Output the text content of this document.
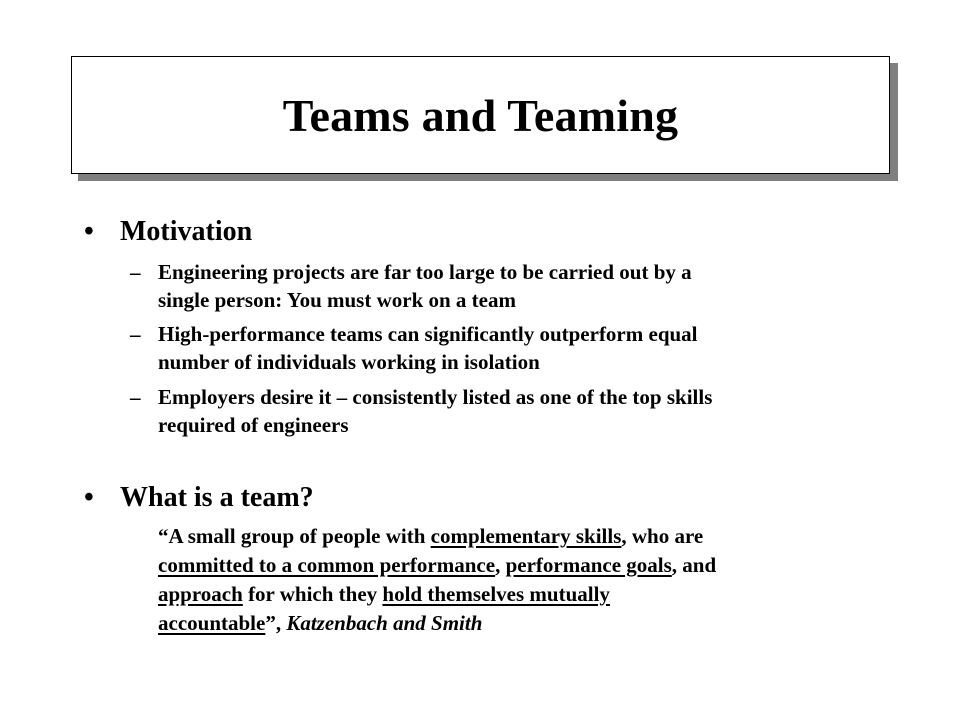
Teams and Teaming
• Motivation
– Engineering projects are far too large to be carried out by a
single person: You must work on a team
– High-performance teams can significantly outperform equal
number of individuals working in isolation
– Employers desire it – consistently listed as one of the top skills
required of engineers
• What is a team?
“A small group of people with complementary skills, who are
committed to a common performance, performance goals, and
approach for which they hold themselves mutually
accountable”, Katzenbach and Smith
